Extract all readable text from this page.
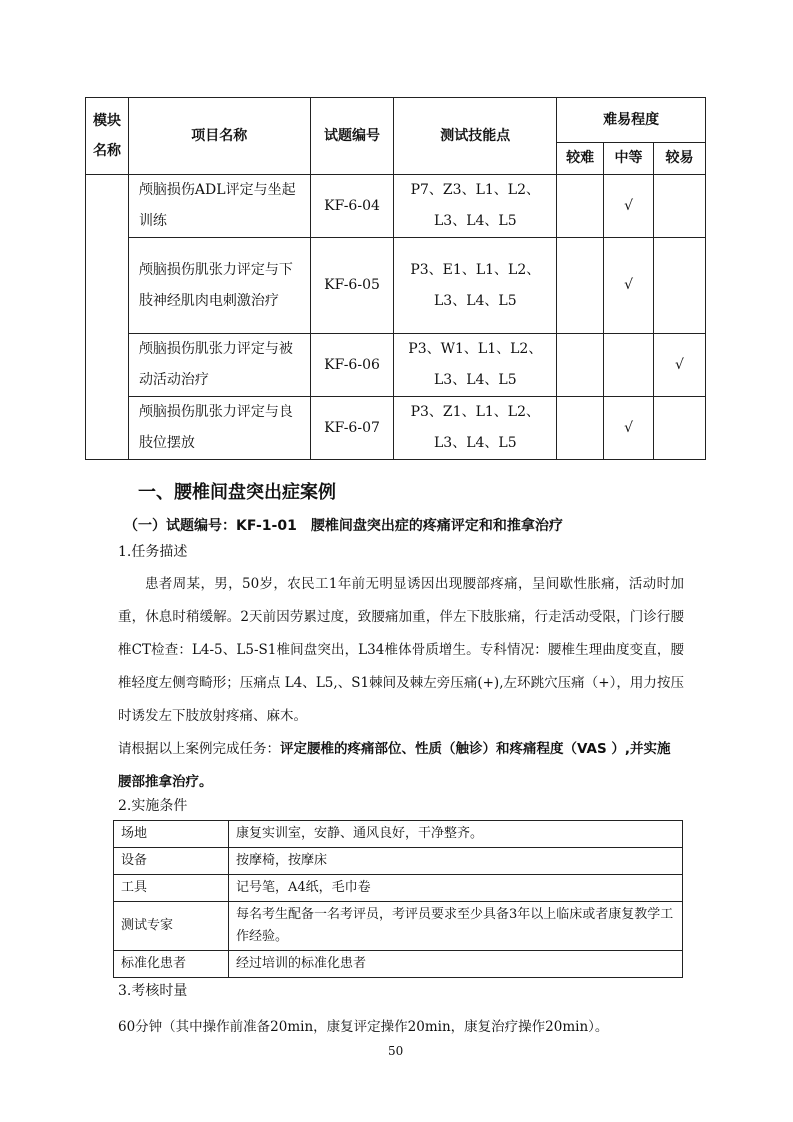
模块名称	项目名称	试题编号	测试技能点	难易程度		
				较难	中等	较易
	颅脑损伤ADL评定与坐起训练	KF-6-04	P7、Z3、L1、L2、L3、L4、L5		√	
	颅脑损伤肌张力评定与下肢神经肌肉电刺激治疗	KF-6-05	P3、E1、L1、L2、L3、L4、L5		√	
	颅脑损伤肌张力评定与被动活动治疗	KF-6-06	P3、W1、L1、L2、L3、L4、L5			√
	颅脑损伤肌张力评定与良肢位摆放	KF-6-07	P3、Z1、L1、L2、L3、L4、L5		√	
一、腰椎间盘突出症案例
（一）试题编号：KF-1-01　腰椎间盘突出症的疼痛评定和和推拿治疗
1.任务描述

患者周某，男，50岁，农民工1年前无明显诱因出现腰部疼痛，呈间歇性胀痛，活动时加重，休息时稍缓解。2天前因劳累过度，致腰痛加重，伴左下肢胀痛，行走活动受限，门诊行腰椎CT检查：L4-5、L5-S1椎间盘突出，L34椎体骨质增生。专科情况：腰椎生理曲度变直，腰椎轻度左侧弯畸形；压痛点 L4、L5,、S1棘间及棘左旁压痛(+),左环跳穴压痛（+），用力按压时诱发左下肢放射疼痛、麻木。

请根据以上案例完成任务：评定腰椎的疼痛部位、性质（触诊）和疼痛程度（VAS ）,并实施腰部推拿治疗。
2.实施条件
场地	康复实训室，安静、通风良好，干净整齐。
设备	按摩椅，按摩床
工具	记号笔，A4纸，毛巾卷
测试专家	每名考生配备一名考评员，考评员要求至少具备3年以上临床或者康复教学工作经验。
标准化患者	经过培训的标准化患者
3.考核时量
60分钟（其中操作前准备20min，康复评定操作20min，康复治疗操作20min）。
50
